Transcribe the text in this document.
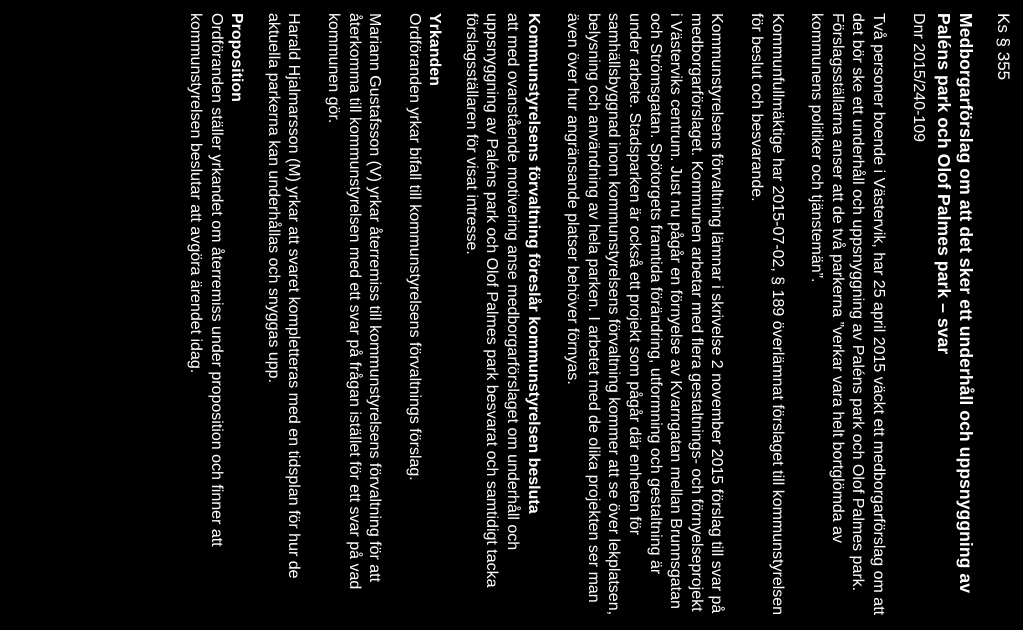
Ks § 355
Medborgarförslag om att det sker ett underhåll och uppsnyggning av Paléns park och Olof Palmes park – svar
Dnr 2015/240-109

Två personer boende i Västervik, har 25 april 2015 väckt ett medborgarförslag om att det bör ske ett underhåll och uppsnyggning av Paléns park och Olof Palmes park. Förslagsställarna anser att de två parkerna ”verkar vara helt bortglömda av kommunens politiker och tjänstemän”.

Kommunfullmäktige har 2015-07-02, § 189 överlämnat förslaget till kommunstyrelsen för beslut och besvarande.

Kommunstyrelsens förvaltning lämnar i skrivelse 2 november 2015 förslag till svar på medborgarförslaget. Kommunen arbetar med flera gestaltnings- och förnyelseprojekt i Västerviks centrum. Just nu pågår en förnyelse av Kvarngatan mellan Brunnsgatan och Strömsgatan. Spötorgets framtida förändring, utformning och gestaltning är under arbete. Stadsparken är också ett projekt som pågår där enheten för samhällsbyggnad inom kommunstyrelsens förvaltning kommer att se över lekplatsen, belysning och användning av hela parken. I arbetet med de olika projekten ser man även över hur angränsande platser behöver förnyas.

Kommunstyrelsens förvaltning föreslår kommunstyrelsen besluta

att med ovanstående motivering anse medborgarförslaget om underhåll och uppsnyggning av Paléns park och Olof Palmes park besvarat och samtidigt tacka förslagsställaren för visat intresse.

Yrkanden

Ordföranden yrkar bifall till kommunstyrelsens förvaltnings förslag.

Mariann Gustafsson (V) yrkar återremiss till kommunstyrelsens förvaltning för att återkomma till kommunstyrelsen med ett svar på frågan istället för ett svar på vad kommunen gör.

Harald Hjalmarsson (M) yrkar att svaret kompletteras med en tidsplan för hur de aktuella parkerna kan underhållas och snyggas upp.

Proposition

Ordföranden ställer yrkandet om återremiss under proposition och finner att kommunstyrelsen beslutar att avgöra ärendet idag.
